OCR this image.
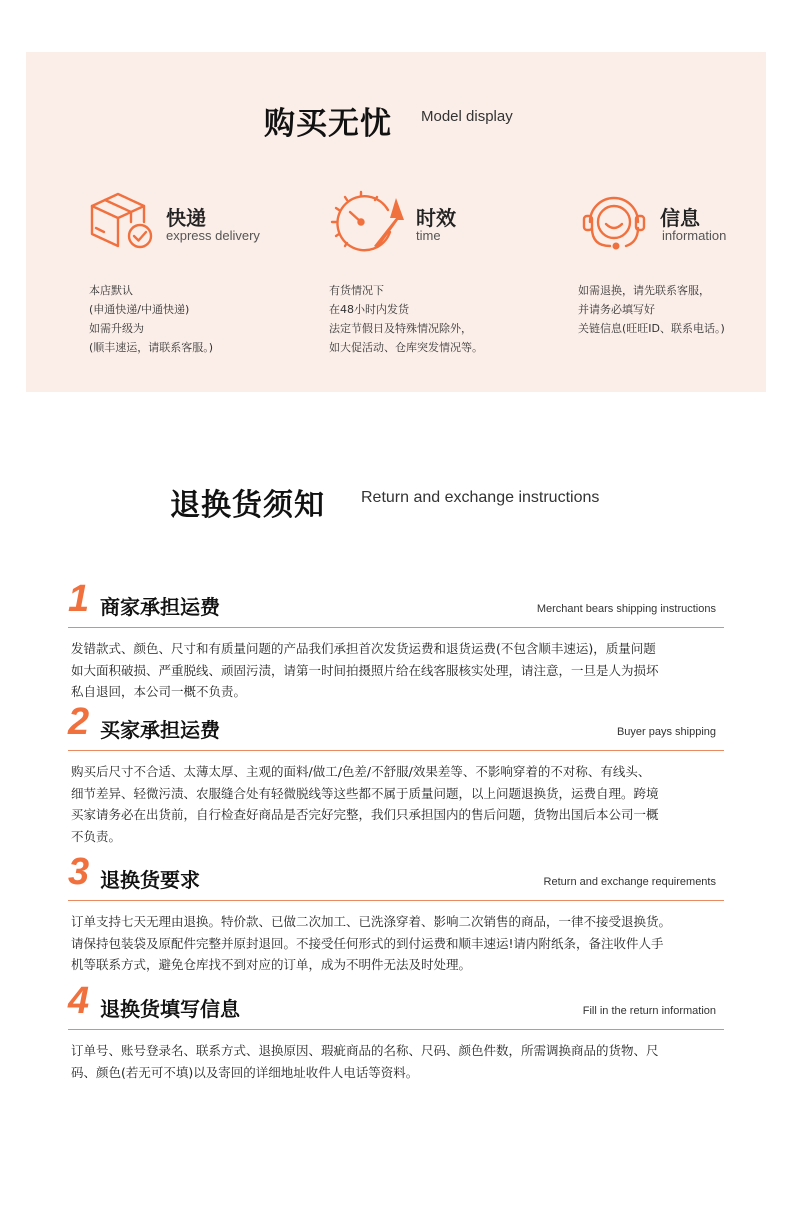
购买无忧 Model display
快递
express delivery
时效
time
信息
information
本店默认
(申通快递/中通快递)
如需升级为
(顺丰速运，请联系客服。)
有货情况下
在48小时内发货
法定节假日及特殊情况除外，
如大促活动、仓库突发情况等。
如需退换，请先联系客服，
并请务必填写好
关链信息(旺旺ID、联系电话。)
退换货须知 Return and exchange instructions
1 商家承担运费	Merchant bears shipping instructions
发错款式、颜色、尺寸和有质量问题的产品我们承担首次发货运费和退货运费(不包含顺丰速运)，质量问题
如大面积破损、严重脱线、顽固污渍，请第一时间拍摄照片给在线客服核实处理，请注意，一旦是人为损坏
私自退回，本公司一概不负责。
2 买家承担运费	Buyer pays shipping
购买后尺寸不合适、太薄太厚、主观的面料/做工/色差/不舒服/效果差等、不影响穿着的不对称、有线头、
细节差异、轻微污渍、农服缝合处有轻微脱线等这些都不属于质量问题，以上问题退换货，运费自理。跨境
买家请务必在出货前，自行检查好商品是否完好完整，我们只承担国内的售后问题，货物出国后本公司一概
不负责。
3 退换货要求	Return and exchange requirements
订单支持七天无理由退换。特价款、已做二次加工、已洗涤穿着、影响二次销售的商品，一律不接受退换货。
请保持包装袋及原配件完整并原封退回。不接受任何形式的到付运费和顺丰速运!请内附纸条，备注收件人手
机等联系方式，避免仓库找不到对应的订单，成为不明件无法及时处理。
4 退换货填写信息	Fill in the return information
订单号、账号登录名、联系方式、退换原因、瑕疵商品的名称、尺码、颜色件数，所需调换商品的货物、尺
码、颜色(若无可不填)以及寄回的详细地址收件人电话等资料。
